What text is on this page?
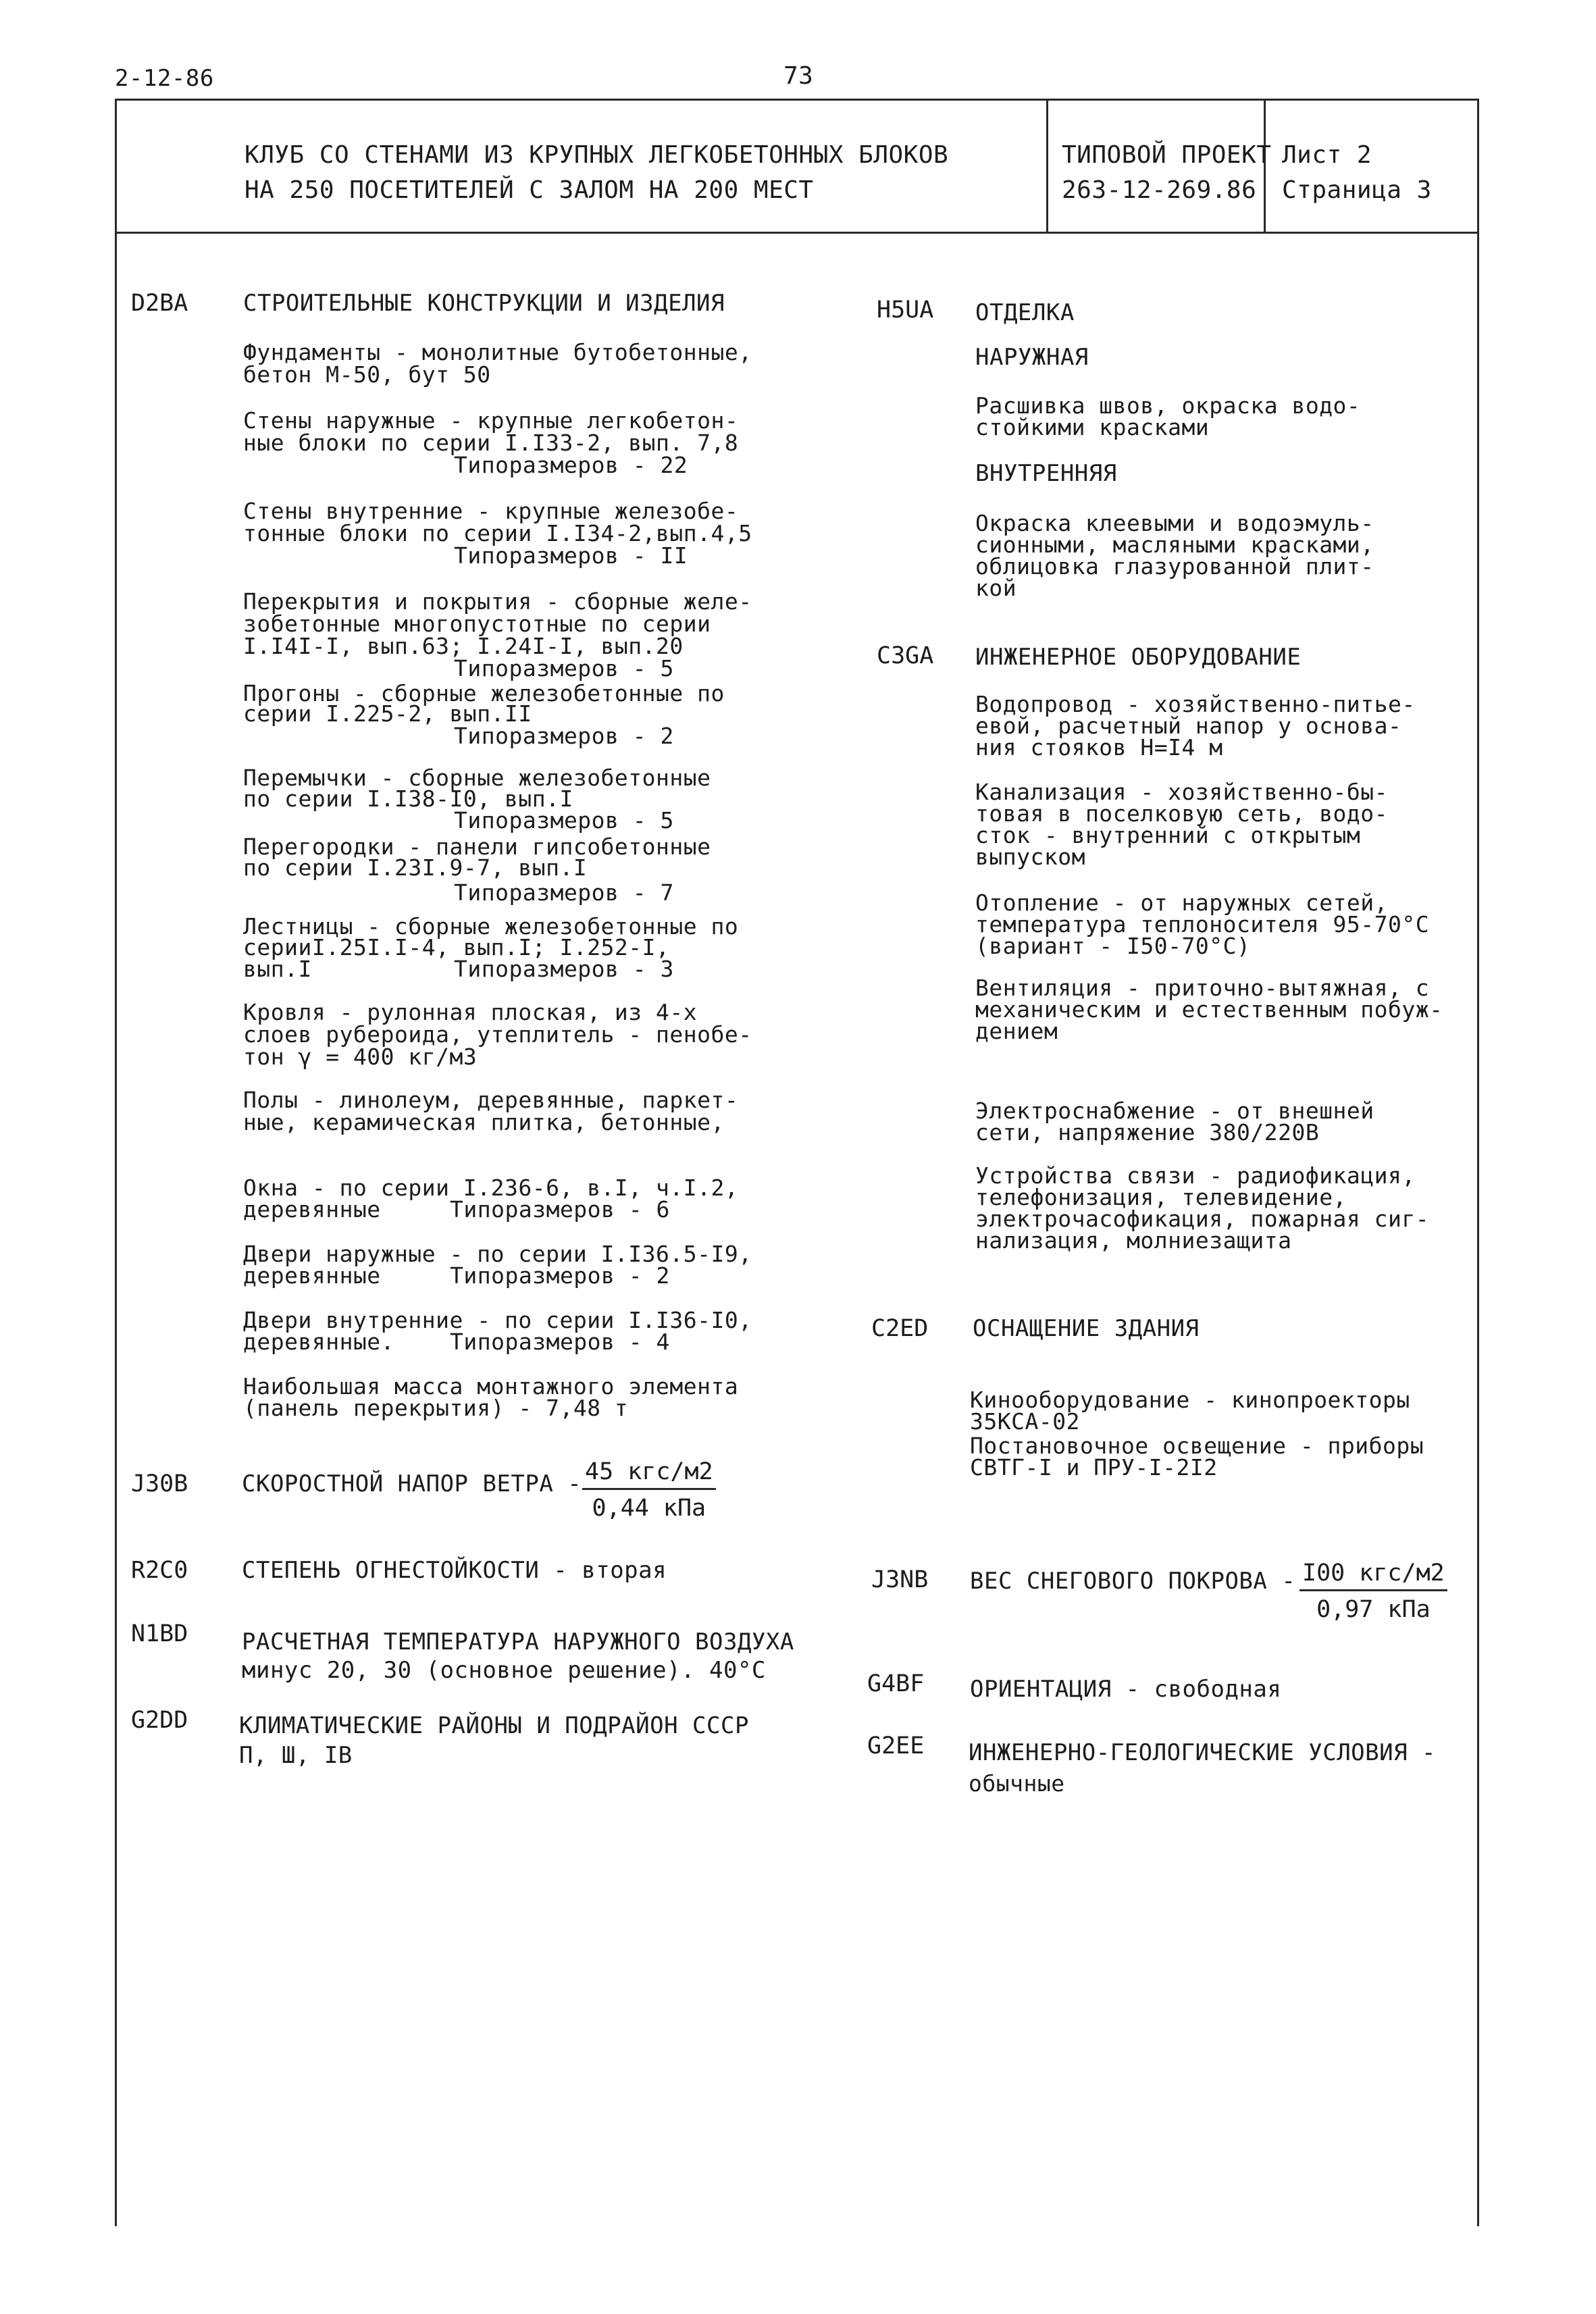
2-12-86	73
КЛУБ СО СТЕНАМИ ИЗ КРУПНЫХ ЛЕГКОБЕТОННЫХ БЛОКОВ
НА 250 ПОСЕТИТЕЛЕЙ С ЗАЛОМ НА 200 МЕСТ
ТИПОВОЙ ПРОЕКТ
263-12-269.86
Лист 2
Страница 3
D2BA СТРОИТЕЛЬНЫЕ КОНСТРУКЦИИ И ИЗДЕЛИЯ
Фундаменты - монолитные бутобетонные,
бетон М-50, бут 50
Стены наружные - крупные легкобетон-
ные блоки по серии I.I33-2, вып. 7,8
Типоразмеров - 22
Стены внутренние - крупные железобе-
тонные блоки по серии I.I34-2,вып.4,5
Типоразмеров - II
Перекрытия и покрытия - сборные желе-
зобетонные многопустотные по серии
I.I4I-I, вып.63; I.24I-I, вып.20
Типоразмеров - 5
Прогоны - сборные железобетонные по
серии I.225-2, вып.II
Типоразмеров - 2
Перемычки - сборные железобетонные
по серии I.I38-I0, вып.I
Типоразмеров - 5
Перегородки - панели гипсобетонные
по серии I.23I.9-7, вып.I
Типоразмеров - 7
Лестницы - сборные железобетонные по
серииI.25I.I-4, вып.I; I.252-I,
вып.I	Типоразмеров - 3
Кровля - рулонная плоская, из 4-х
слоев рубероида, утеплитель - пенобе-
тон γ = 400 кг/м3
Полы - линолеум, деревянные, паркет-
ные, керамическая плитка, бетонные,
Окна - по серии I.236-6, в.I, ч.I.2,
деревянные	Типоразмеров - 6
Двери наружные - по серии I.I36.5-I9,
деревянные	Типоразмеров - 2
Двери внутренние - по серии I.I36-I0,
деревянные. Типоразмеров - 4
Наибольшая масса монтажного элемента
(панель перекрытия) - 7,48 т
J30B СКОРОСТНОЙ НАПОР ВЕТРА - 45 кгс/м2
0,44 кПа
R2C0 СТЕПЕНЬ ОГНЕСТОЙКОСТИ - вторая
N1BD РАСЧЕТНАЯ ТЕМПЕРАТУРА НАРУЖНОГО ВОЗДУХА
минус 20, 30 (основное решение). 40°С
G2DD КЛИМАТИЧЕСКИЕ РАЙОНЫ И ПОДРАЙОН СССР
П, Ш, IВ
H5UA ОТДЕЛКА
НАРУЖНАЯ
Расшивка швов, окраска водо-
стойкими красками
ВНУТРЕННЯЯ
Окраска клеевыми и водоэмуль-
сионными, масляными красками,
облицовка глазурованной плит-
кой
C3GA ИНЖЕНЕРНОЕ ОБОРУДОВАНИЕ
Водопровод - хозяйственно-питье-
евой, расчетный напор у основа-
ния стояков Н=I4 м
Канализация - хозяйственно-бы-
товая в поселковую сеть, водо-
сток - внутренний с открытым
выпуском
Отопление - от наружных сетей,
температура теплоносителя 95-70°С
(вариант - I50-70°С)
Вентиляция - приточно-вытяжная, с
механическим и естественным побуж-
дением
Электроснабжение - от внешней
сети, напряжение 380/220В
Устройства связи - радиофикация,
телефонизация, телевидение,
электрочасофикация, пожарная сиг-
нализация, молниезащита
C2ED ОСНАЩЕНИЕ ЗДАНИЯ
Кинооборудование - кинопроекторы
35КСА-02
Постановочное освещение - приборы
СВТГ-I и ПРУ-I-2I2
J3NB ВЕС СНЕГОВОГО ПОКРОВА - I00 кгс/м2
0,97 кПа
G4BF ОРИЕНТАЦИЯ - свободная
G2EE ИНЖЕНЕРНО-ГЕОЛОГИЧЕСКИЕ УСЛОВИЯ -
обычные
